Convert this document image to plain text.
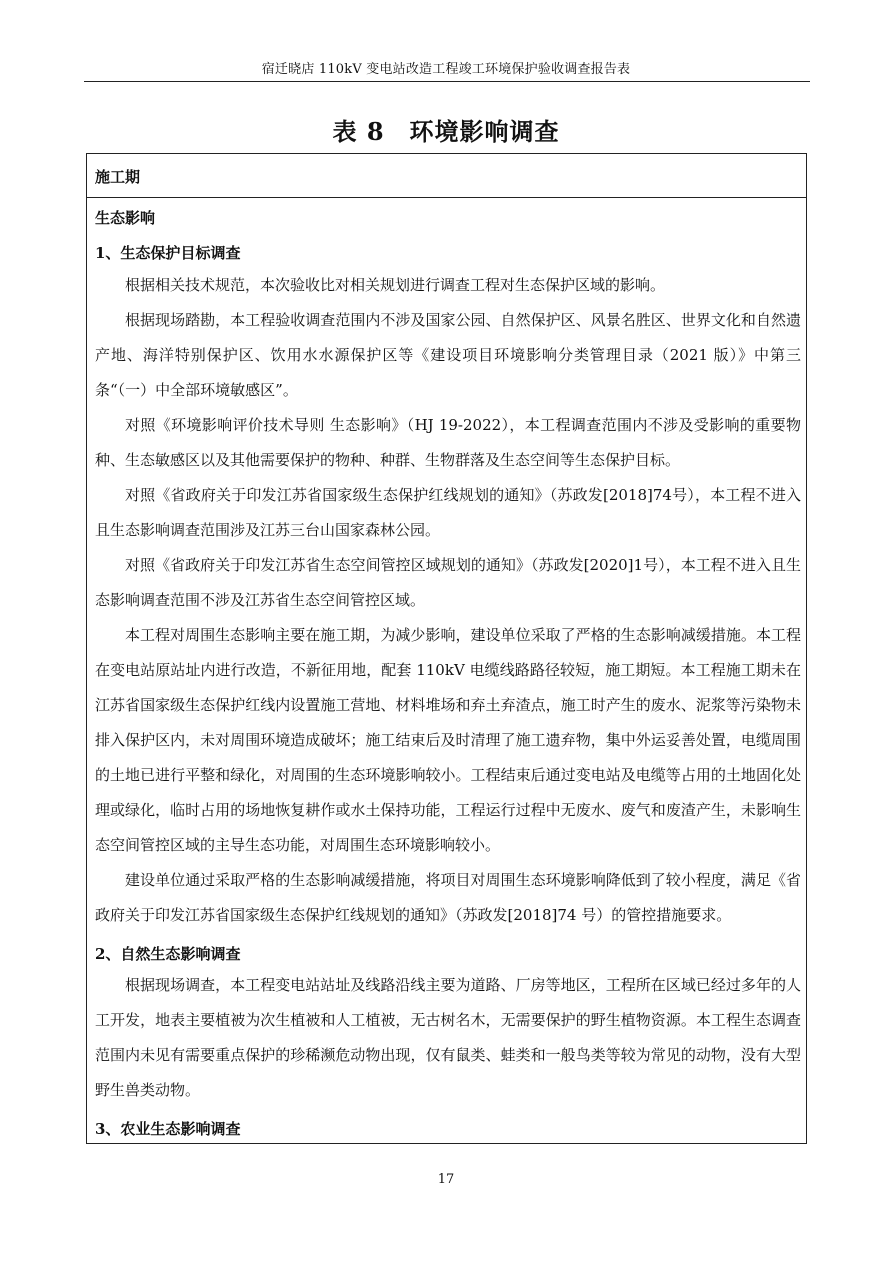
宿迁晓店 110kV 变电站改造工程竣工环境保护验收调查报告表
表 8　环境影响调查
施工期
生态影响
1、生态保护目标调查
根据相关技术规范，本次验收比对相关规划进行调查工程对生态保护区域的影响。
根据现场踏勘，本工程验收调查范围内不涉及国家公园、自然保护区、风景名胜区、世界文化和自然遗产地、海洋特别保护区、饮用水水源保护区等《建设项目环境影响分类管理目录（2021 版）》中第三条“（一）中全部环境敏感区”。
对照《环境影响评价技术导则 生态影响》（HJ 19-2022），本工程调查范围内不涉及受影响的重要物种、生态敏感区以及其他需要保护的物种、种群、生物群落及生态空间等生态保护目标。
对照《省政府关于印发江苏省国家级生态保护红线规划的通知》（苏政发[2018]74号），本工程不进入且生态影响调查范围涉及江苏三台山国家森林公园。
对照《省政府关于印发江苏省生态空间管控区域规划的通知》（苏政发[2020]1号），本工程不进入且生态影响调查范围不涉及江苏省生态空间管控区域。
本工程对周围生态影响主要在施工期，为减少影响，建设单位采取了严格的生态影响减缓措施。本工程在变电站原站址内进行改造，不新征用地，配套 110kV 电缆线路路径较短，施工期短。本工程施工期未在江苏省国家级生态保护红线内设置施工营地、材料堆场和弃土弃渣点，施工时产生的废水、泥浆等污染物未排入保护区内，未对周围环境造成破坏；施工结束后及时清理了施工遗弃物，集中外运妥善处置，电缆周围的土地已进行平整和绿化，对周围的生态环境影响较小。工程结束后通过变电站及电缆等占用的土地固化处理或绿化，临时占用的场地恢复耕作或水土保持功能，工程运行过程中无废水、废气和废渣产生，未影响生态空间管控区域的主导生态功能，对周围生态环境影响较小。
建设单位通过采取严格的生态影响减缓措施，将项目对周围生态环境影响降低到了较小程度，满足《省政府关于印发江苏省国家级生态保护红线规划的通知》（苏政发[2018]74 号）的管控措施要求。
2、自然生态影响调查
根据现场调查，本工程变电站站址及线路沿线主要为道路、厂房等地区，工程所在区域已经过多年的人工开发，地表主要植被为次生植被和人工植被，无古树名木，无需要保护的野生植物资源。本工程生态调查范围内未见有需要重点保护的珍稀濒危动物出现，仅有鼠类、蛙类和一般鸟类等较为常见的动物，没有大型野生兽类动物。
3、农业生态影响调查
17
